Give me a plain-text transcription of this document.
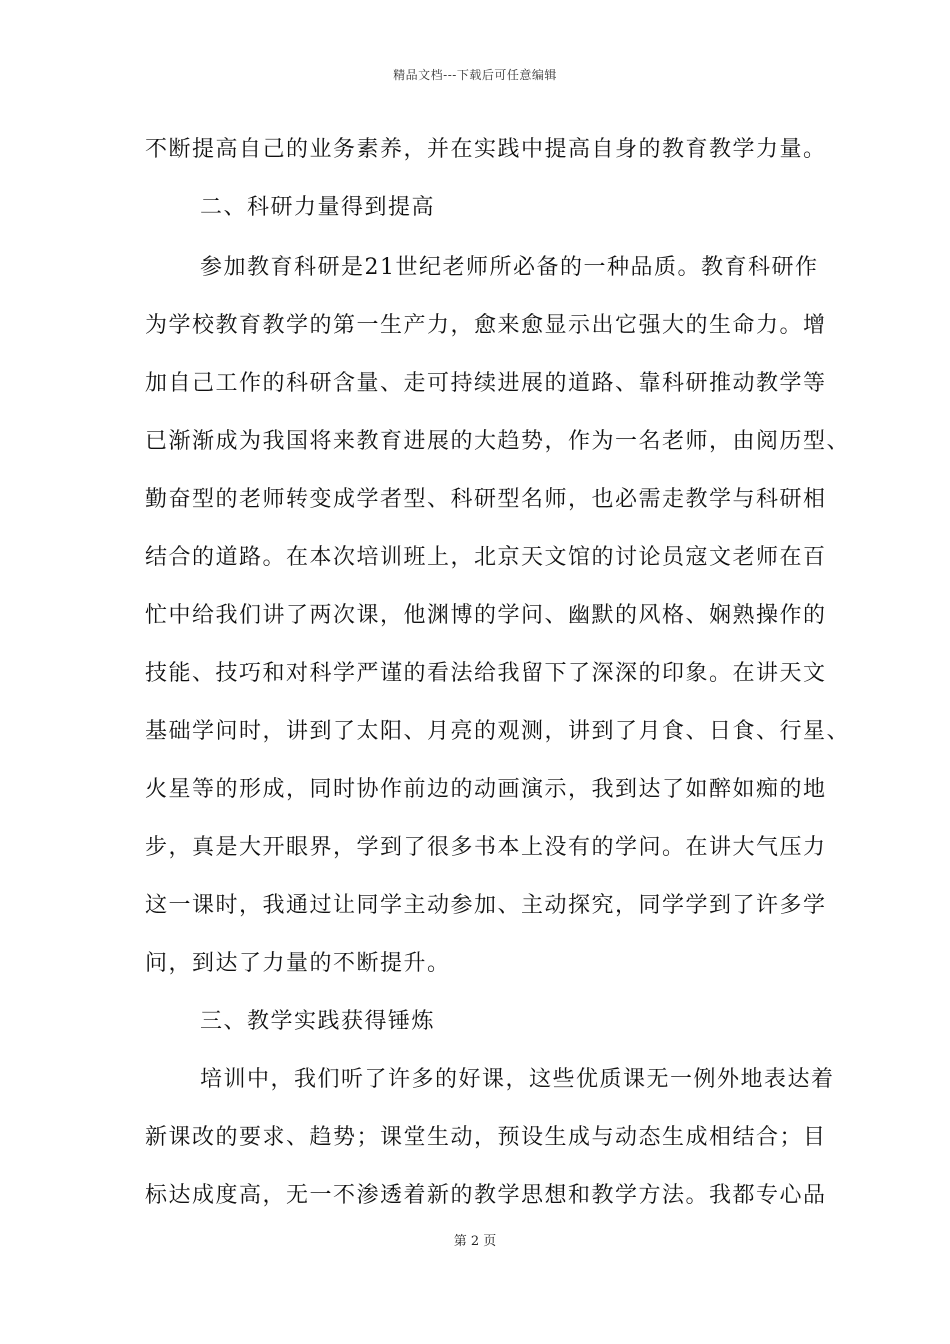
精品文档---下载后可任意编辑
不断提高自己的业务素养，并在实践中提高自身的教育教学力量。
二、科研力量得到提高
参加教育科研是21世纪老师所必备的一种品质。教育科研作
为学校教育教学的第一生产力，愈来愈显示出它强大的生命力。增
加自己工作的科研含量、走可持续进展的道路、靠科研推动教学等
已渐渐成为我国将来教育进展的大趋势，作为一名老师，由阅历型、
勤奋型的老师转变成学者型、科研型名师，也必需走教学与科研相
结合的道路。在本次培训班上，北京天文馆的讨论员寇文老师在百
忙中给我们讲了两次课，他渊博的学问、幽默的风格、娴熟操作的
技能、技巧和对科学严谨的看法给我留下了深深的印象。在讲天文
基础学问时，讲到了太阳、月亮的观测，讲到了月食、日食、行星、
火星等的形成，同时协作前边的动画演示，我到达了如醉如痴的地
步，真是大开眼界，学到了很多书本上没有的学问。在讲大气压力
这一课时，我通过让同学主动参加、主动探究，同学学到了许多学
问，到达了力量的不断提升。
三、教学实践获得锤炼
培训中，我们听了许多的好课，这些优质课无一例外地表达着
新课改的要求、趋势；课堂生动，预设生成与动态生成相结合；目
标达成度高，无一不渗透着新的教学思想和教学方法。我都专心品
第 2 页
